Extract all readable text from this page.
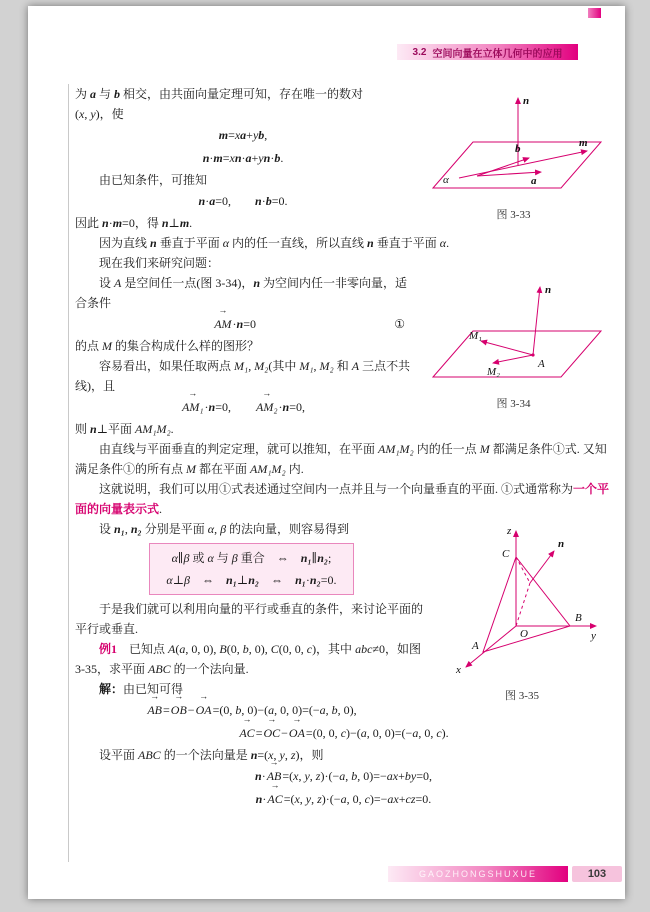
3.2 空间向量在立体几何中的应用
n
b
a
m
α
图 3-33

为 a 与 b 相交，由共面向量定理可知，存在唯一的数对

(x, y)，使

m=xa+yb,

n·m=xn·a+yn·b.

由已知条件，可推知

n·a=0,　　 n·b=0.

因此 n·m=0，得 n⊥m.

因为直线 n 垂直于平面 α 内的任一直线，所以直线 n 垂直于平面 α.

现在我们来研究问题：

n
M₁
M₂
A
图 3-34

设 A 是空间任一点(图 3-34)，n 为空间内任一非零向量，适合条件

①
AM →·n=0

的点 M 的集合构成什么样的图形？

容易看出，如果任取两点 M₁, M₂(其中 M₁, M₂ 和 A 三点不共线)，且

AM₁ →·n=0,　　 AM₂ →·n=0,

则 n⊥平面 AM₁M₂.

由直线与平面垂直的判定定理，就可以推知，在平面 AM₁M₂ 内的任一点 M 都满足条件①式. 又知满足条件①的所有点 M 都在平面 AM₁M₂ 内.

这就说明，我们可以用①式表述通过空间内一点并且与一个向量垂直的平面. ①式通常称为一个平面的向量表示式.

z
y
x
C
B
A
O
n
图 3-35

设 n₁, n₂ 分别是平面 α, β 的法向量，则容易得到

α∥β 或 α 与 β 重合　⇔　n₁∥n₂;
α⊥β　⇔　n₁⊥n₂　⇔　n₁·n₂=0.

于是我们就可以利用向量的平行或垂直的条件，来讨论平面的平行或垂直.

例1　已知点 A(a, 0, 0), B(0, b, 0), C(0, 0, c)，其中 abc≠0，如图 3-35，求平面 ABC 的一个法向量.

解：由已知可得

AB →=OB →−OA →=(0, b, 0)−(a, 0, 0)=(−a, b, 0),

AC →=OC →−OA →=(0, 0, c)−(a, 0, 0)=(−a, 0, c).

设平面 ABC 的一个法向量是 n=(x, y, z)，则

n·AB →=(x, y, z)·(−a, b, 0)=−ax+by=0,

n·AC →=(x, y, z)·(−a, 0, c)=−ax+cz=0.

GAOZHONGSHUXUE	103
